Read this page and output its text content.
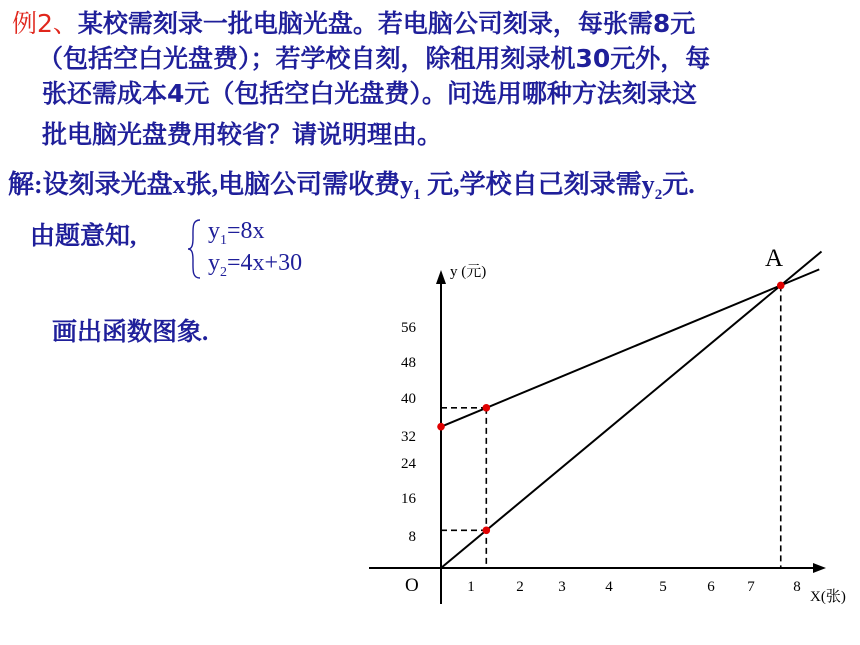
例2、某校需刻录一批电脑光盘。若电脑公司刻录，每张需8元
（包括空白光盘费）；若学校自刻，除租用刻录机30元外，每
张还需成本4元（包括空白光盘费）。问选用哪种方法刻录这
批电脑光盘费用较省？请说明理由。
解:设刻录光盘x张,电脑公司需收费$y_1$ 元,学校自己刻录需$y_2$元.
由题意知,	$y_1=8x$
$y_2=4x+30$
画出函数图象.
y (元)
X(张)
O
A
1	2 3	4	5	6 7	8
8
16
24
32
40
48
56
